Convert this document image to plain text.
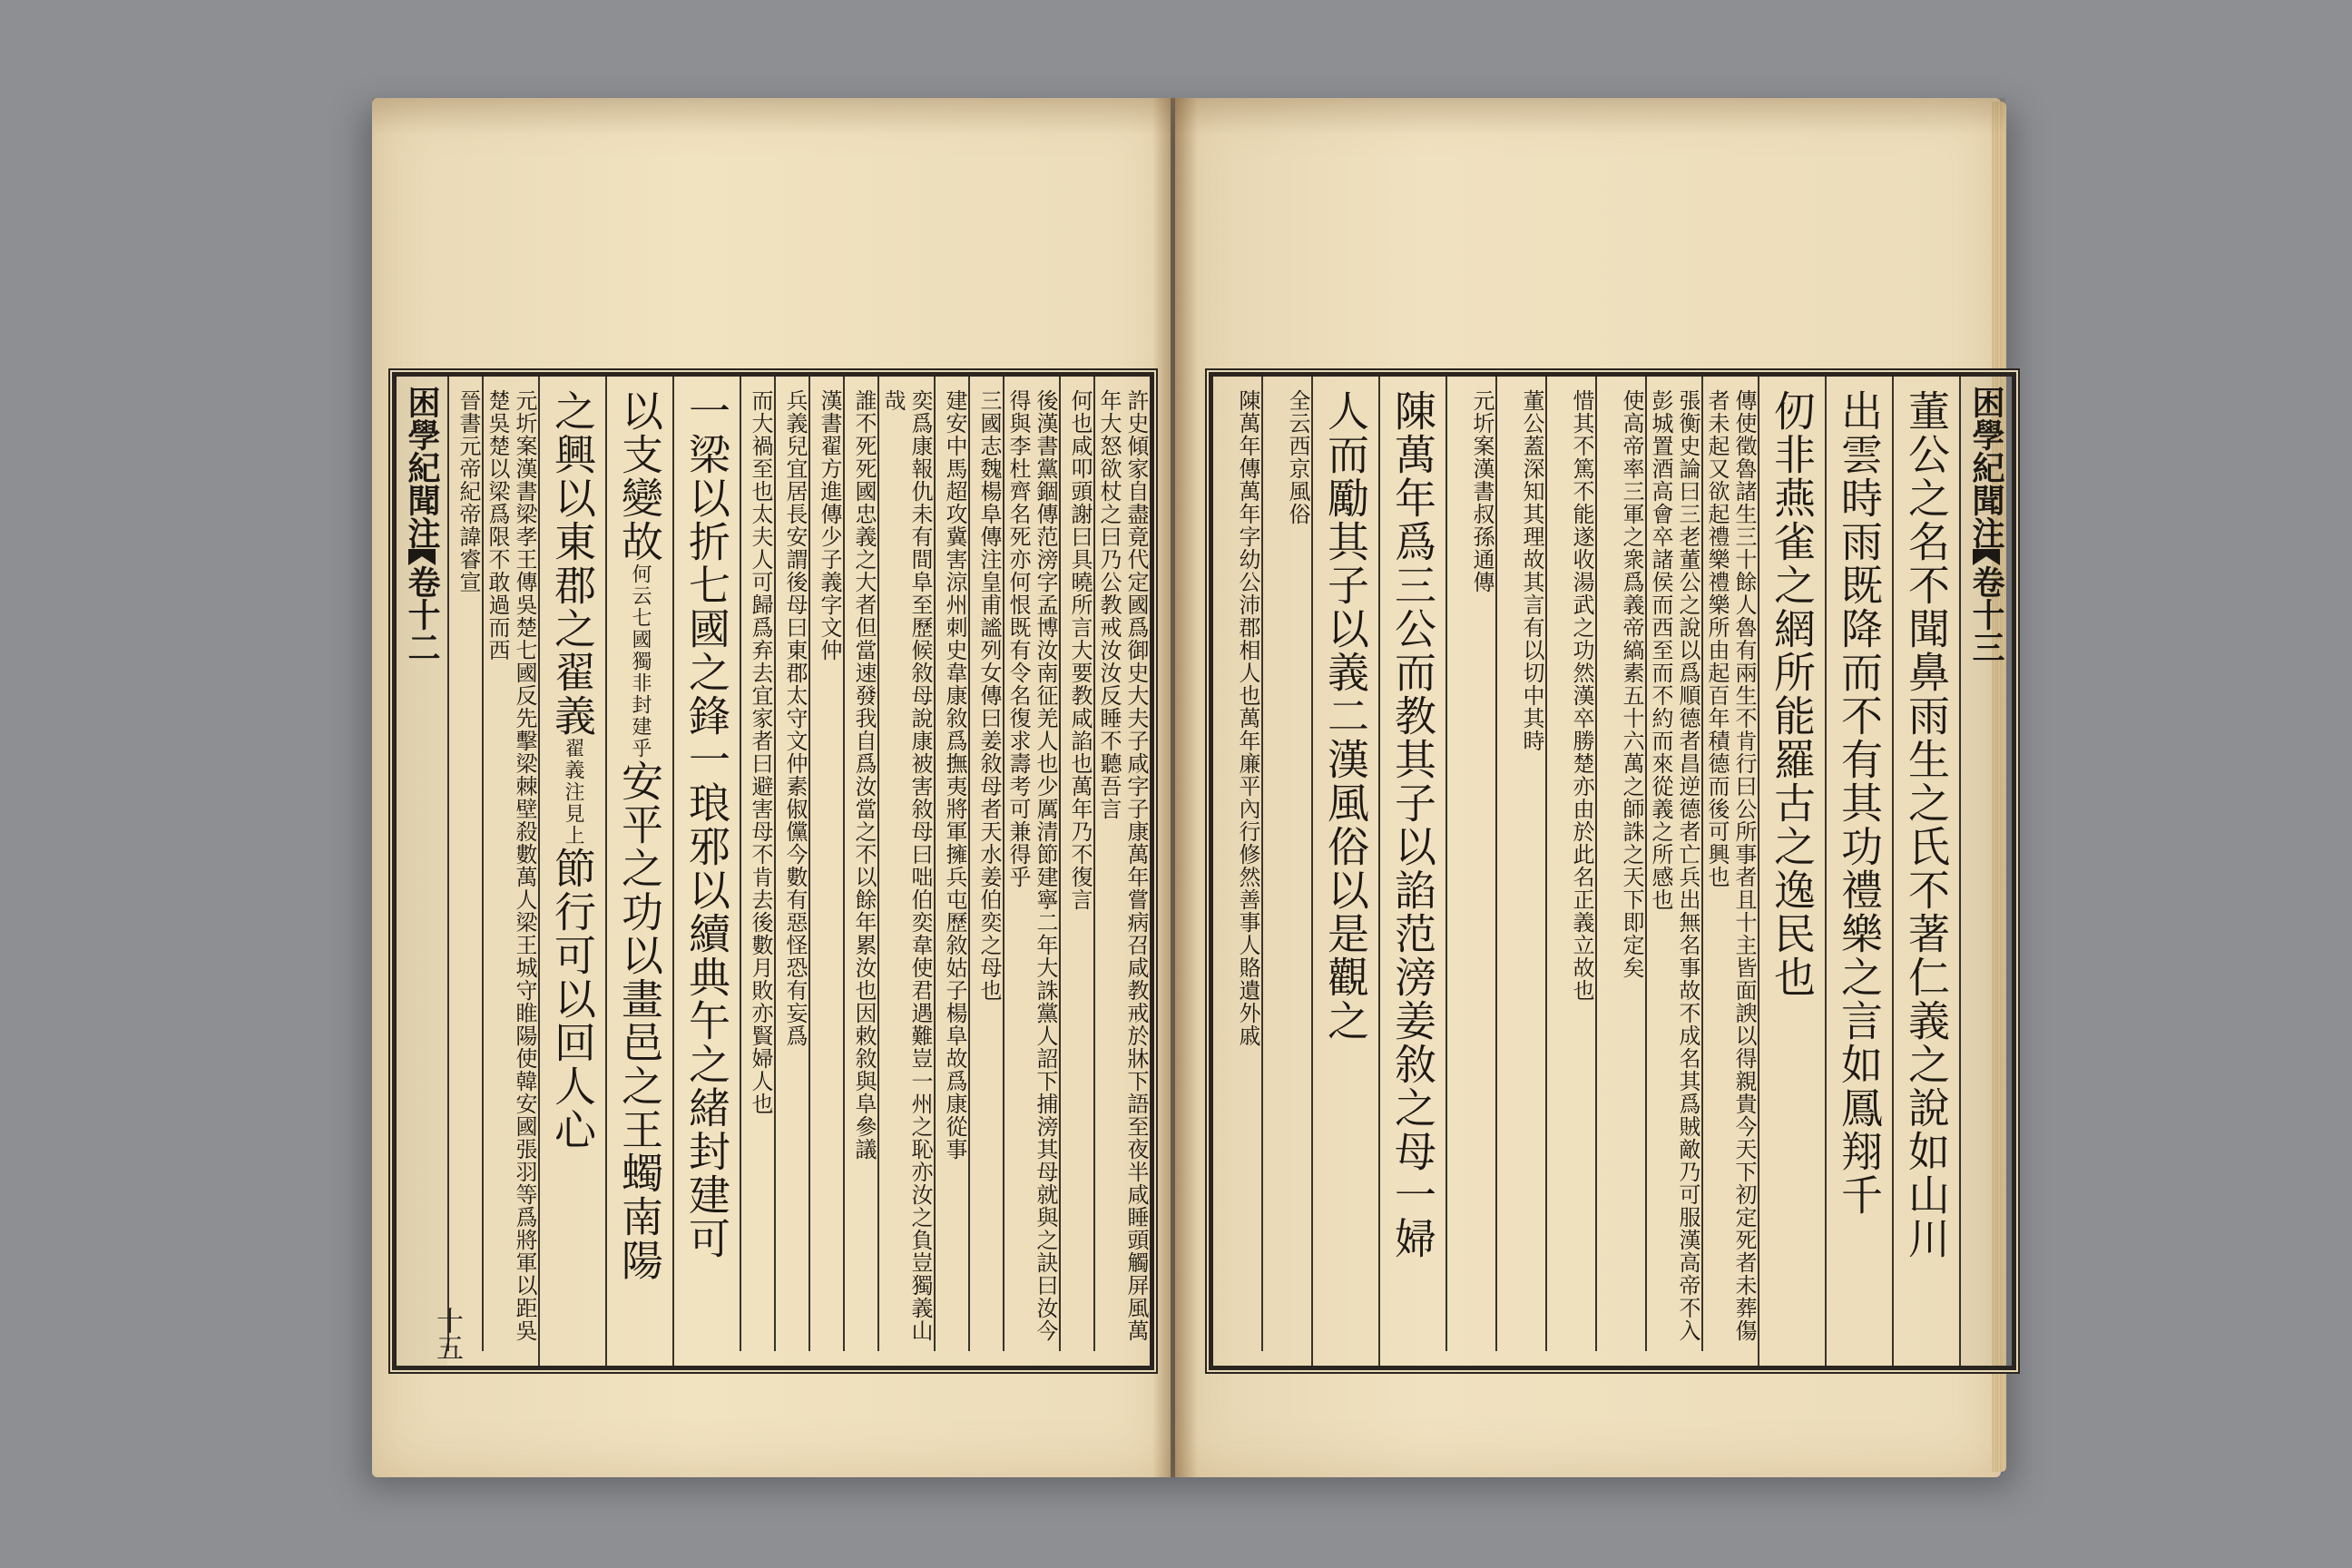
困學紀聞注卷十三
董公之名不聞鼻雨生之氏不著仁義之說如山川
出雲時雨既降而不有其功禮樂之言如鳳翔千
仞非燕雀之網所能羅古之逸民也
傳使徵魯諸生三十餘人魯有兩生不肯行曰公所事者且十主皆面諛以得親貴今天下初定死者未葬傷者未起又欲起禮樂禮樂所由起百年積德而後可興也
張衡史論曰三老董公之說以爲順德者昌逆德者亡兵出無名事故不成名其爲賊敵乃可服漢高帝不入彭城置酒高會卒諸侯而西至而不約而來從義之所感也
使高帝率三軍之衆爲義帝縞素五十六萬之師誅之天下即定矣
惜其不篤不能遂收湯武之功然漢卒勝楚亦由於此名正義立故也
董公蓋深知其理故其言有以切中其時
元圻案漢書叔孫通傳
陳萬年爲三公而教其子以諂范滂姜敘之母一婦
人而勵其子以義二漢風俗以是觀之
全云西京風俗
陳萬年傳萬年字幼公沛郡相人也萬年廉平內行修然善事人賂遺外戚
許史傾家自盡竟代定國爲御史大夫子咸字子康萬年嘗病召咸教戒於牀下語至夜半咸睡頭觸屏風萬年大怒欲杖之曰乃公教戒汝汝反睡不聽吾言
何也咸叩頭謝曰具曉所言大要教咸諂也萬年乃不復言
後漢書黨錮傳范滂字孟博汝南征羌人也少厲清節建寧二年大誅黨人詔下捕滂其母就與之訣曰汝今得與李杜齊名死亦何恨既有令名復求壽考可兼得乎
三國志魏楊阜傳注皇甫謐列女傳曰姜敘母者天水姜伯奕之母也
建安中馬超攻冀害涼州刺史韋康敘爲撫夷將軍擁兵屯歷敘姑子楊阜故爲康從事
奕爲康報仇未有間阜至歷候敘母說康被害敘母曰咄伯奕韋使君遇難豈一州之恥亦汝之負豈獨義山哉
誰不死死國忠義之大者但當速發我自爲汝當之不以餘年累汝也因敕敘與阜參議
漢書翟方進傳少子義字文仲
兵義兒宜居長安謂後母曰東郡太守文仲素俶儻今數有惡怪恐有妄爲
而大禍至也太夫人可歸爲弃去宜家者曰避害母不肯去後數月敗亦賢婦人也
一梁以折七國之鋒一琅邪以續典午之緒封建可
以支變故何云七國獨非封建乎安平之功以畫邑之王蠋南陽
之興以東郡之翟義翟義注見上節行可以回人心
元圻案漢書梁孝王傳吳楚七國反先擊梁棘壁殺數萬人梁王城守睢陽使韓安國張羽等爲將軍以距吳楚吳楚以梁爲限不敢過而西
晉書元帝紀帝諱睿宣
困學紀聞注卷十二
十五
